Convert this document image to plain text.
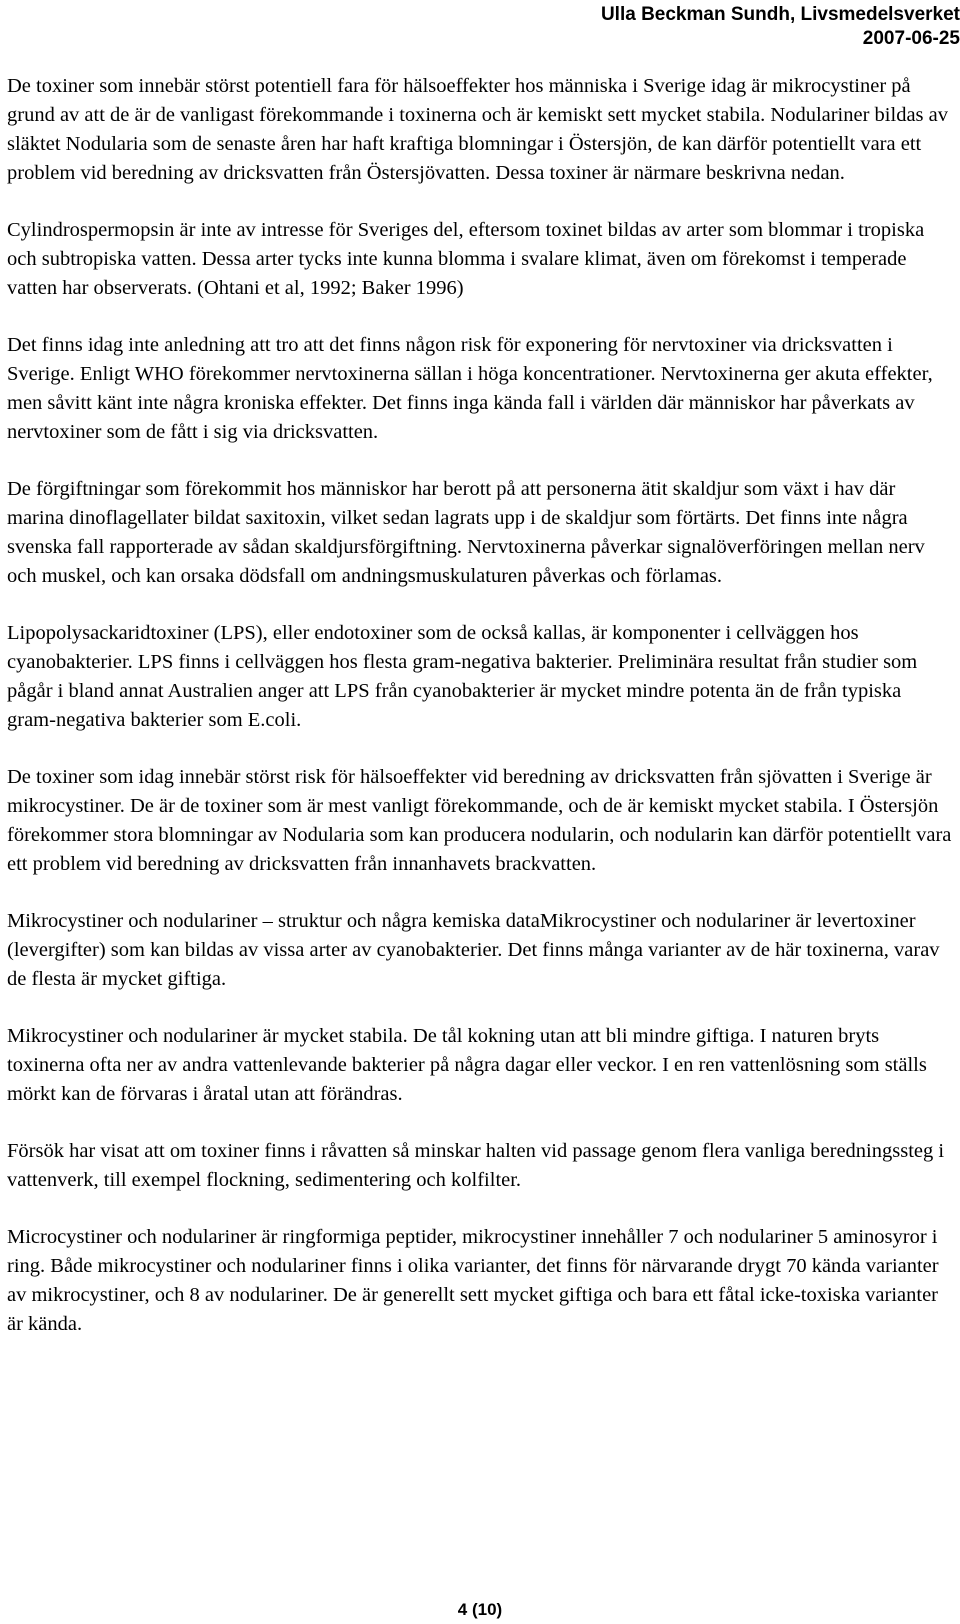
Ulla Beckman Sundh, Livsmedelsverket
2007-06-25

De toxiner som innebär störst potentiell fara för hälsoeffekter hos människa i Sverige idag är mikrocystiner på grund av att de är de vanligast förekommande i toxinerna och är kemiskt sett mycket stabila. Nodulariner bildas av släktet Nodularia som de senaste åren har haft kraftiga blomningar i Östersjön, de kan därför potentiellt vara ett problem vid beredning av dricksvatten från Östersjövatten. Dessa toxiner är närmare beskrivna nedan.

Cylindrospermopsin är inte av intresse för Sveriges del, eftersom toxinet bildas av arter som blommar i tropiska och subtropiska vatten. Dessa arter tycks inte kunna blomma i svalare klimat, även om förekomst i temperade vatten har observerats. (Ohtani et al, 1992; Baker 1996)

Det finns idag inte anledning att tro att det finns någon risk för exponering för nervtoxiner via dricksvatten i Sverige. Enligt WHO förekommer nervtoxinerna sällan i höga koncentrationer. Nervtoxinerna ger akuta effekter, men såvitt känt inte några kroniska effekter. Det finns inga kända fall i världen där människor har påverkats av nervtoxiner som de fått i sig via dricksvatten.

De förgiftningar som förekommit hos människor har berott på att personerna ätit skaldjur som växt i hav där marina dinoflagellater bildat saxitoxin, vilket sedan lagrats upp i de skaldjur som förtärts. Det finns inte några svenska fall rapporterade av sådan skaldjursförgiftning. Nervtoxinerna påverkar signalöverföringen mellan nerv och muskel, och kan orsaka dödsfall om andningsmuskulaturen påverkas och förlamas.

Lipopolysackaridtoxiner (LPS), eller endotoxiner som de också kallas, är komponenter i cellväggen hos cyanobakterier. LPS finns i cellväggen hos flesta gram-negativa bakterier. Preliminära resultat från studier som pågår i bland annat Australien anger att LPS från cyanobakterier är mycket mindre potenta än de från typiska gram-negativa bakterier som E.coli.

De toxiner som idag innebär störst risk för hälsoeffekter vid beredning av dricksvatten från sjövatten i Sverige är mikrocystiner. De är de toxiner som är mest vanligt förekommande, och de är kemiskt mycket stabila. I Östersjön förekommer stora blomningar av Nodularia som kan producera nodularin, och nodularin kan därför potentiellt vara ett problem vid beredning av dricksvatten från innanhavets brackvatten.

Mikrocystiner och nodulariner – struktur och några kemiska dataMikrocystiner och nodulariner är levertoxiner (levergifter) som kan bildas av vissa arter av cyanobakterier. Det finns många varianter av de här toxinerna, varav de flesta är mycket giftiga.

Mikrocystiner och nodulariner är mycket stabila. De tål kokning utan att bli mindre giftiga. I naturen bryts toxinerna ofta ner av andra vattenlevande bakterier på några dagar eller veckor. I en ren vattenlösning som ställs mörkt kan de förvaras i åratal utan att förändras.

Försök har visat att om toxiner finns i råvatten så minskar halten vid passage genom flera vanliga beredningssteg i vattenverk, till exempel flockning, sedimentering och kolfilter.

Microcystiner och nodulariner är ringformiga peptider, mikrocystiner innehåller 7 och nodulariner 5 aminosyror i ring. Både mikrocystiner och nodulariner finns i olika varianter, det finns för närvarande drygt 70 kända varianter av mikrocystiner, och 8 av nodulariner. De är generellt sett mycket giftiga och bara ett fåtal icke-toxiska varianter är kända.

4 (10)
